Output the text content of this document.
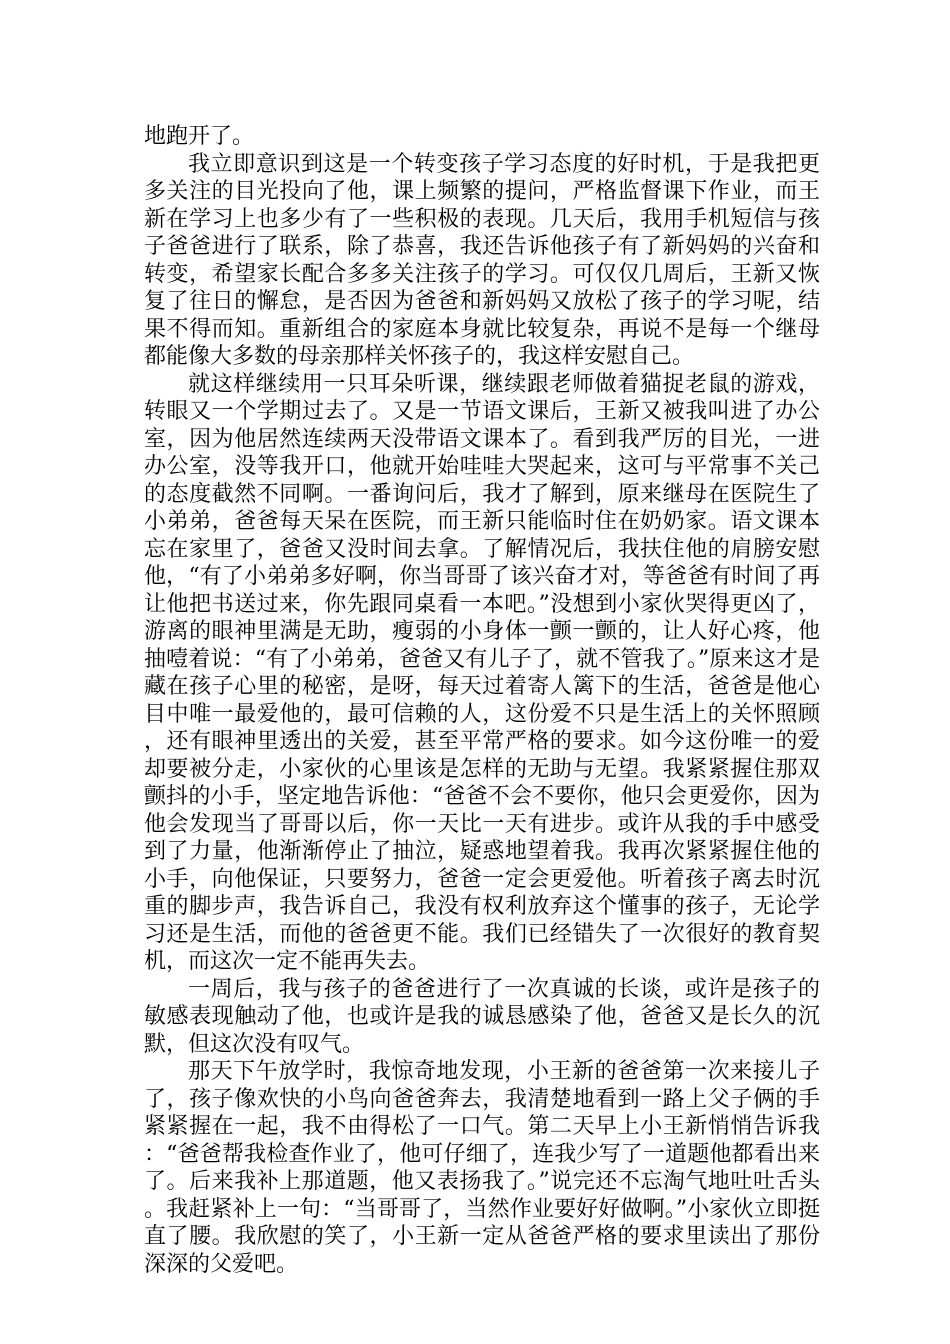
地跑开了。

我立即意识到这是一个转变孩子学习态度的好时机，于是我把更多关注的目光投向了他，课上频繁的提问，严格监督课下作业，而王新在学习上也多少有了一些积极的表现。几天后，我用手机短信与孩子爸爸进行了联系，除了恭喜，我还告诉他孩子有了新妈妈的兴奋和转变，希望家长配合多多关注孩子的学习。可仅仅几周后，王新又恢复了往日的懈怠，是否因为爸爸和新妈妈又放松了孩子的学习呢，结果不得而知。重新组合的家庭本身就比较复杂，再说不是每一个继母都能像大多数的母亲那样关怀孩子的，我这样安慰自己。

就这样继续用一只耳朵听课，继续跟老师做着猫捉老鼠的游戏，转眼又一个学期过去了。又是一节语文课后，王新又被我叫进了办公室，因为他居然连续两天没带语文课本了。看到我严厉的目光，一进办公室，没等我开口，他就开始哇哇大哭起来，这可与平常事不关己的态度截然不同啊。一番询问后，我才了解到，原来继母在医院生了小弟弟，爸爸每天呆在医院，而王新只能临时住在奶奶家。语文课本忘在家里了，爸爸又没时间去拿。了解情况后，我扶住他的肩膀安慰他，“有了小弟弟多好啊，你当哥哥了该兴奋才对，等爸爸有时间了再让他把书送过来，你先跟同桌看一本吧。”没想到小家伙哭得更凶了，游离的眼神里满是无助，瘦弱的小身体一颤一颤的，让人好心疼，他抽噎着说：“有了小弟弟，爸爸又有儿子了，就不管我了。”原来这才是藏在孩子心里的秘密，是呀，每天过着寄人篱下的生活，爸爸是他心目中唯一最爱他的，最可信赖的人，这份爱不只是生活上的关怀照顾，还有眼神里透出的关爱，甚至平常严格的要求。如今这份唯一的爱却要被分走，小家伙的心里该是怎样的无助与无望。我紧紧握住那双颤抖的小手，坚定地告诉他：“爸爸不会不要你，他只会更爱你，因为他会发现当了哥哥以后，你一天比一天有进步。或许从我的手中感受到了力量，他渐渐停止了抽泣，疑惑地望着我。我再次紧紧握住他的小手，向他保证，只要努力，爸爸一定会更爱他。听着孩子离去时沉重的脚步声，我告诉自己，我没有权利放弃这个懂事的孩子，无论学习还是生活，而他的爸爸更不能。我们已经错失了一次很好的教育契机，而这次一定不能再失去。

一周后，我与孩子的爸爸进行了一次真诚的长谈，或许是孩子的敏感表现触动了他，也或许是我的诚恳感染了他，爸爸又是长久的沉默，但这次没有叹气。

那天下午放学时，我惊奇地发现，小王新的爸爸第一次来接儿子了，孩子像欢快的小鸟向爸爸奔去，我清楚地看到一路上父子俩的手紧紧握在一起，我不由得松了一口气。第二天早上小王新悄悄告诉我：“爸爸帮我检查作业了，他可仔细了，连我少写了一道题他都看出来了。后来我补上那道题，他又表扬我了。”说完还不忘淘气地吐吐舌头。我赶紧补上一句：“当哥哥了，当然作业要好好做啊。”小家伙立即挺直了腰。我欣慰的笑了，小王新一定从爸爸严格的要求里读出了那份深深的父爱吧。
